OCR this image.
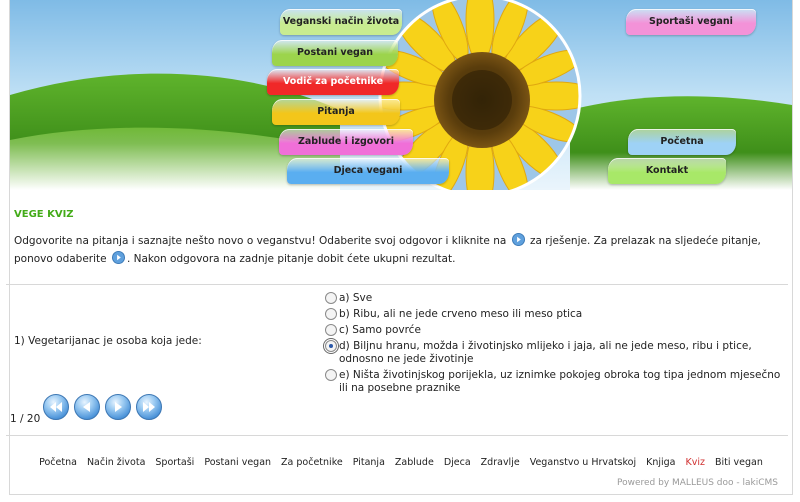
Veganski način života
Postani vegan
Vodič za početnike
Pitanja
Zablude i izgovori
Djeca vegani
Sportaši vegani
Početna
Kontakt
VEGE KVIZ
Odgovorite na pitanja i saznajte nešto novo o veganstvu! Odaberite svoj odgovor i kliknite na za rješenje. Za prelazak na sljedeće pitanje, ponovo odaberite . Nakon odgovora na zadnje pitanje dobit ćete ukupni rezultat.
1) Vegetarijanac je osoba koja jede:
a) Sve
b) Ribu, ali ne jede crveno meso ili meso ptica
c) Samo povrće
d) Biljnu hranu, možda i životinjsko mlijeko i jaja, ali ne jede meso, ribu i ptice, odnosno ne jede životinje
e) Ništa životinjskog porijekla, uz iznimke pokojeg obroka tog tipa jednom mjesečno ili na posebne praznike
1 / 20
Početna Način života Sportaši Postani vegan Za početnike Pitanja Zablude Djeca Zdravlje Veganstvo u Hrvatskoj Knjiga Kviz Biti vegan
Powered by MALLEUS doo - lakiCMS
